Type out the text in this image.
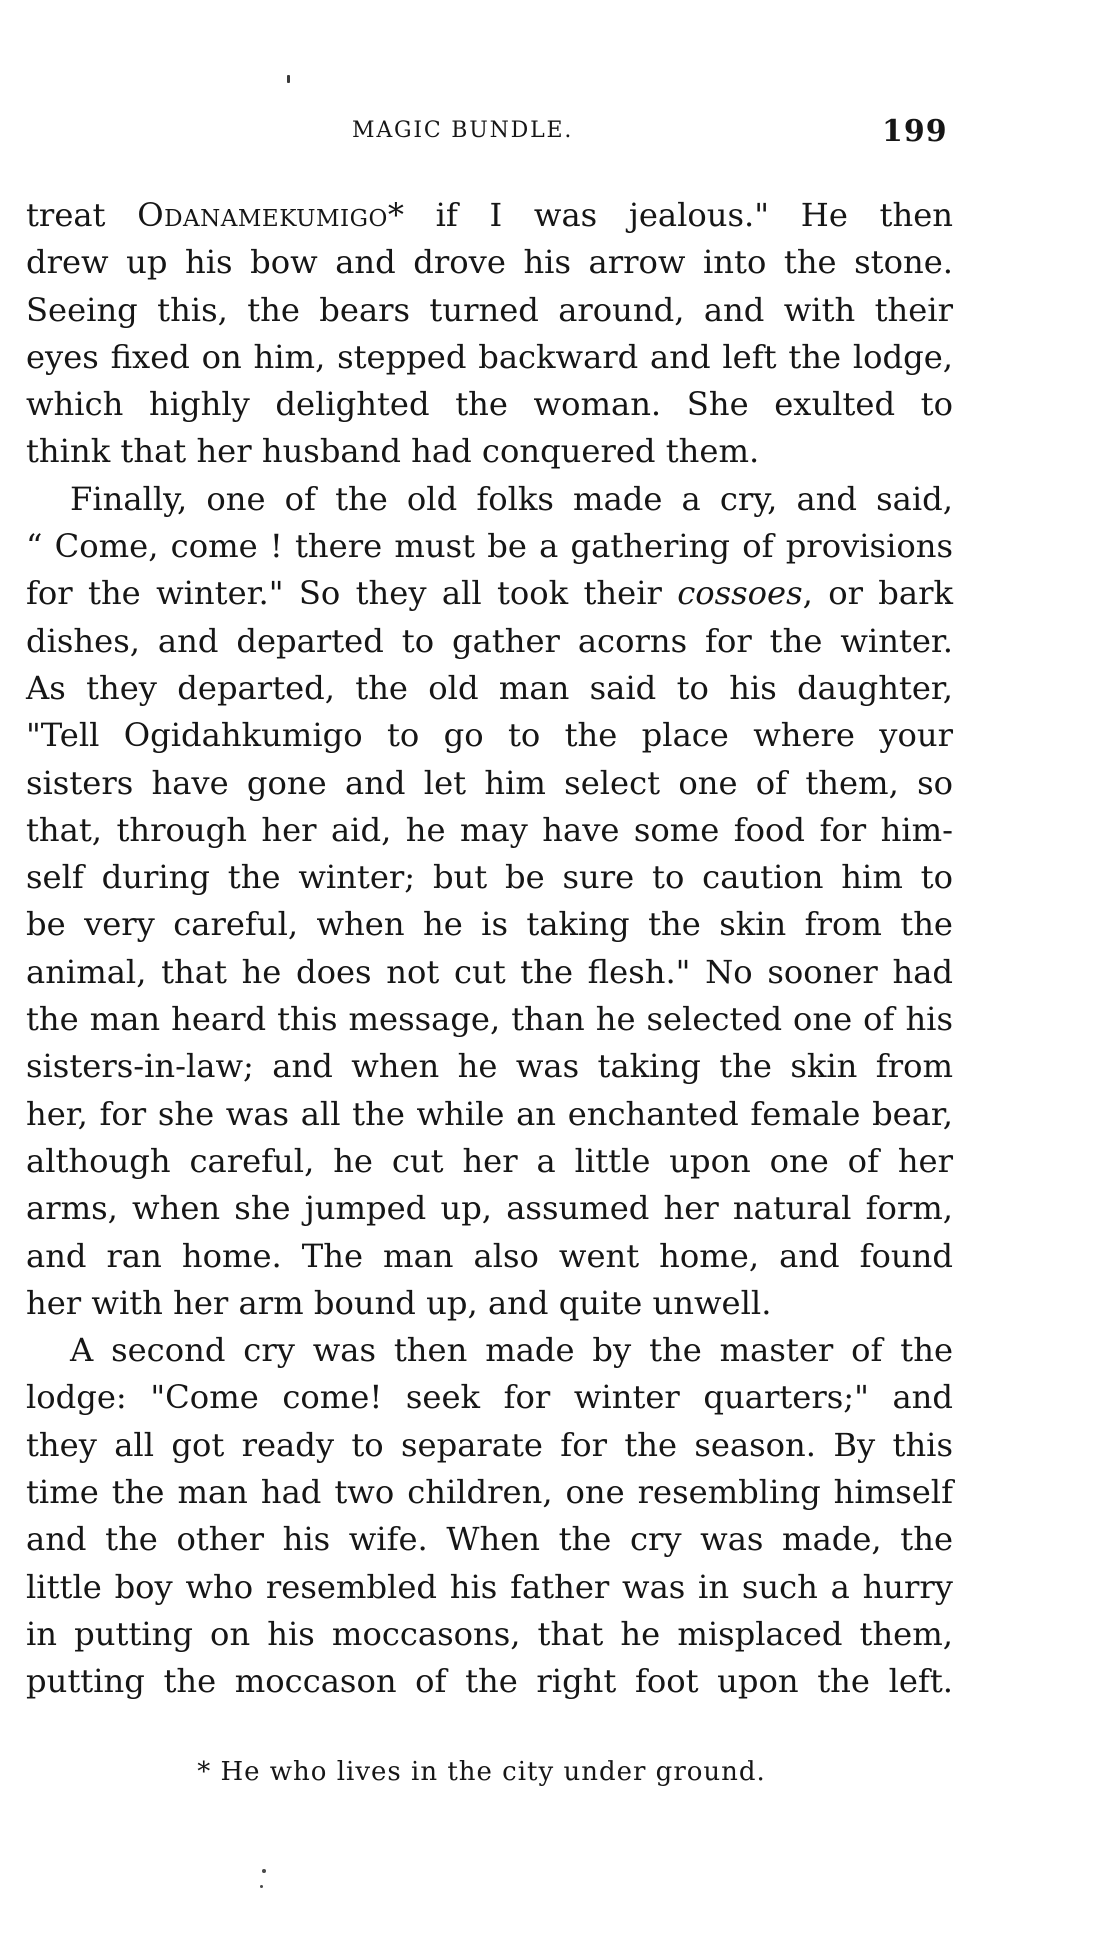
MAGIC BUNDLE.	199
treat Odanamekumigo* if I was jealous." He then
drew up his bow and drove his arrow into the stone.
Seeing this, the bears turned around, and with their
eyes fixed on him, stepped backward and left the lodge,
which highly delighted the woman. She exulted to
think that her husband had conquered them.
Finally, one of the old folks made a cry, and said,
“ Come, come ! there must be a gathering of provisions
for the winter." So they all took their cossoes, or bark
dishes, and departed to gather acorns for the winter.
As they departed, the old man said to his daughter,
"Tell Ogidahkumigo to go to the place where your
sisters have gone and let him select one of them, so
that, through her aid, he may have some food for him-
self during the winter; but be sure to caution him to
be very careful, when he is taking the skin from the
animal, that he does not cut the flesh." No sooner had
the man heard this message, than he selected one of his
sisters-in-law; and when he was taking the skin from
her, for she was all the while an enchanted female bear,
although careful, he cut her a little upon one of her
arms, when she jumped up, assumed her natural form,
and ran home. The man also went home, and found
her with her arm bound up, and quite unwell.
A second cry was then made by the master of the
lodge: "Come come! seek for winter quarters;" and
they all got ready to separate for the season. By this
time the man had two children, one resembling himself
and the other his wife. When the cry was made, the
little boy who resembled his father was in such a hurry
in putting on his moccasons, that he misplaced them,
putting the moccason of the right foot upon the left.
* He who lives in the city under ground.
